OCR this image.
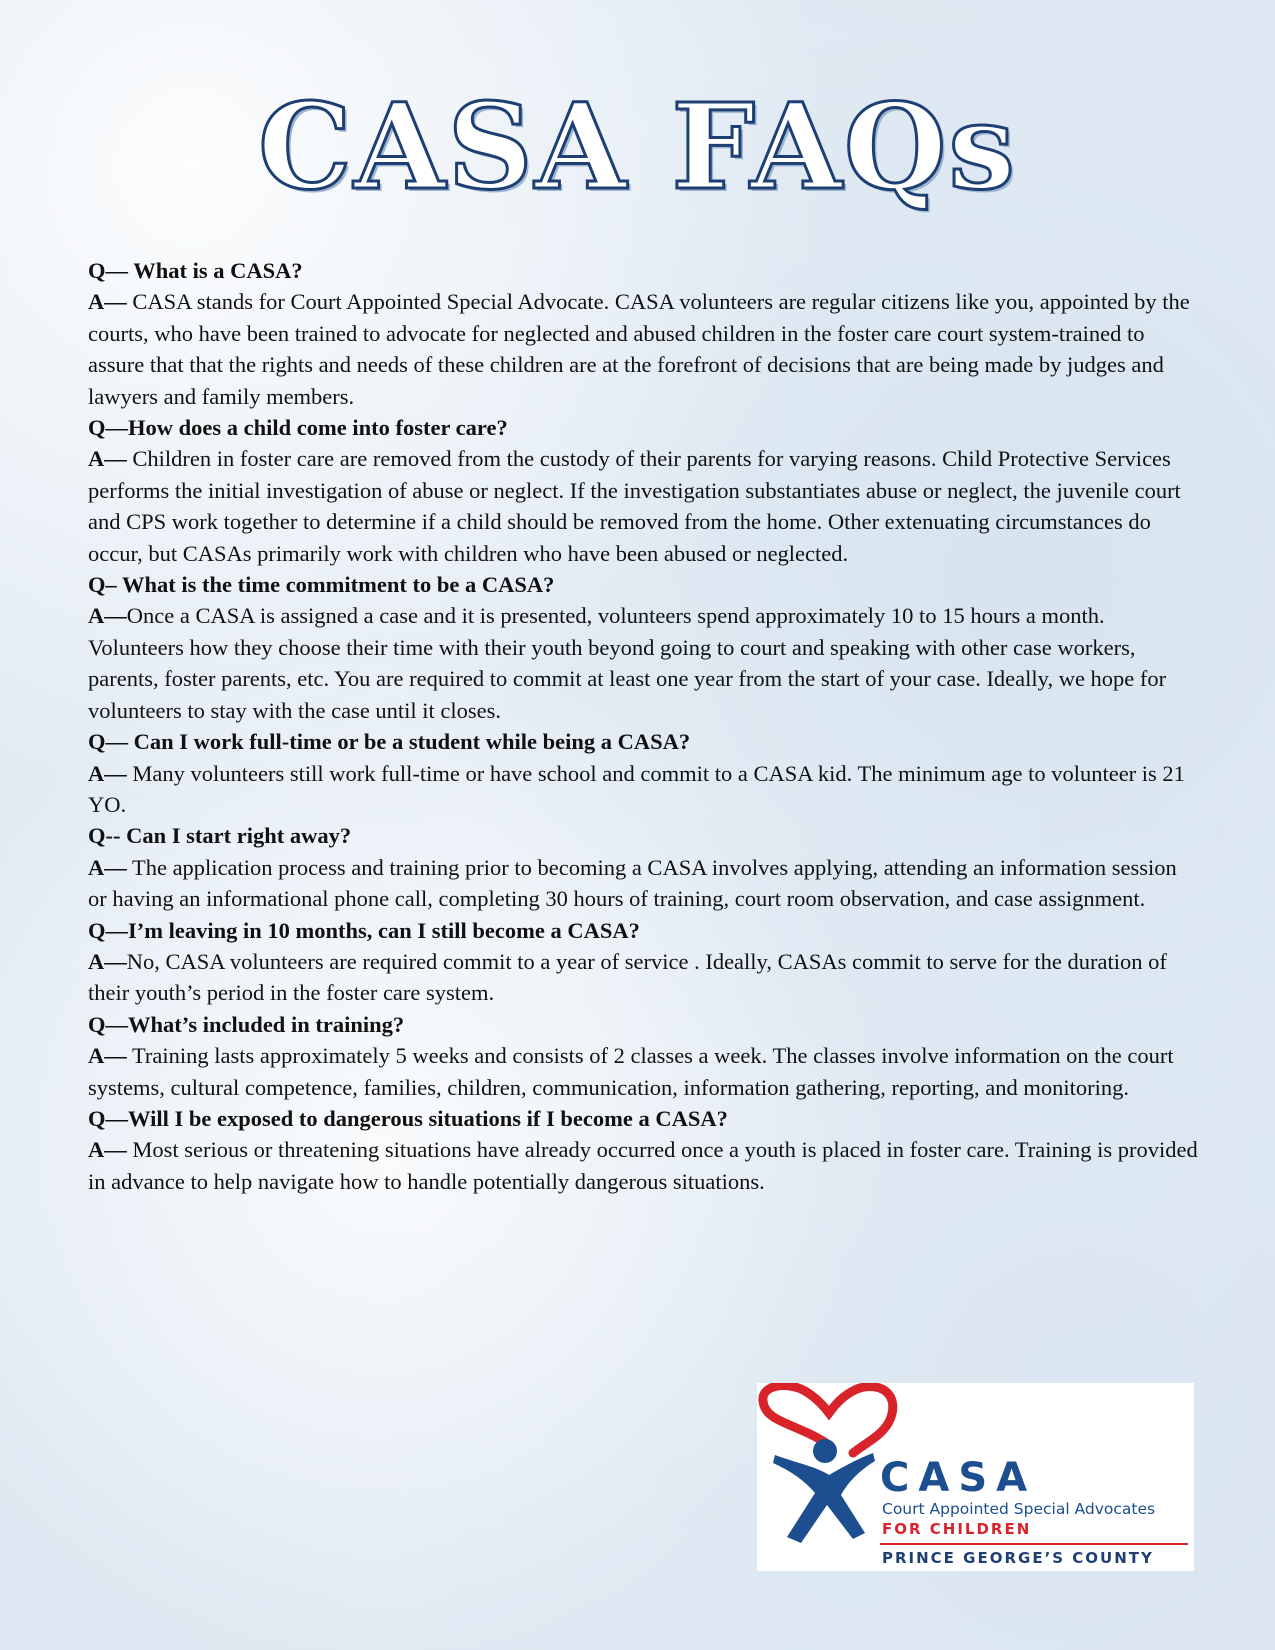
CASA FAQs

Q— What is a CASA?

A— CASA stands for Court Appointed Special Advocate. CASA volunteers are regular citizens like you, appointed by the courts, who have been trained to advocate for neglected and abused children in the foster care court system-trained to assure that that the rights and needs of these children are at the forefront of decisions that are being made by judges and lawyers and family members.

Q—How does a child come into foster care?

A— Children in foster care are removed from the custody of their parents for varying reasons. Child Protective Services performs the initial investigation of abuse or neglect. If the investigation substantiates abuse or neglect, the juvenile court and CPS work together to determine if a child should be removed from the home. Other extenuating circumstances do occur, but CASAs primarily work with children who have been abused or neglected.

Q– What is the time commitment to be a CASA?

A—Once a CASA is assigned a case and it is presented, volunteers spend approximately 10 to 15 hours a month. Volunteers how they choose their time with their youth beyond going to court and speaking with other case workers, parents, foster parents, etc. You are required to commit at least one year from the start of your case. Ideally, we hope for volunteers to stay with the case until it closes.

Q— Can I work full-time or be a student while being a CASA?

A— Many volunteers still work full-time or have school and commit to a CASA kid. The minimum age to volunteer is 21 YO.

Q-- Can I start right away?

A— The application process and training prior to becoming a CASA involves applying, attending an information session or having an informational phone call, completing 30 hours of training, court room observation, and case assignment.

Q—I’m leaving in 10 months, can I still become a CASA?

A—No, CASA volunteers are required commit to a year of service . Ideally, CASAs commit to serve for the duration of their youth’s period in the foster care system.

Q—What’s included in training?

A— Training lasts approximately 5 weeks and consists of 2 classes a week. The classes involve information on the court systems, cultural competence, families, children, communication, information gathering, reporting, and monitoring.

Q—Will I be exposed to dangerous situations if I become a CASA?

A— Most serious or threatening situations have already occurred once a youth is placed in foster care. Training is provided in advance to help navigate how to handle potentially dangerous situations.

® CASA
Court Appointed Special Advocates
FOR CHILDREN
PRINCE GEORGE’S COUNTY
